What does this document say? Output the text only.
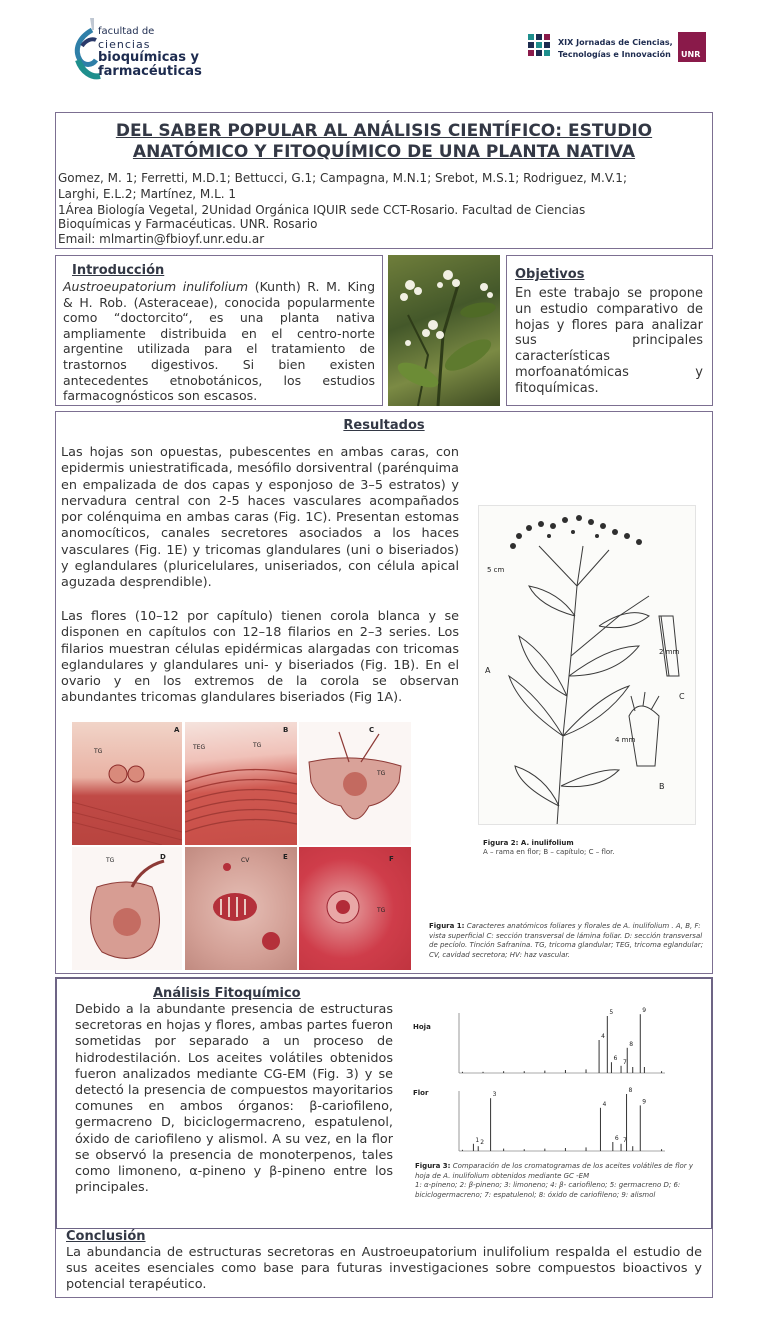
facultad de
ciencias
bioquímicas y
farmacéuticas
XIX Jornadas de Ciencias,
Tecnologías e Innovación UNR
DEL SABER POPULAR AL ANÁLISIS CIENTÍFICO: ESTUDIO
ANATÓMICO Y FITOQUÍMICO DE UNA PLANTA NATIVA
Gomez, M. 1; Ferretti, M.D.1; Bettucci, G.1; Campagna, M.N.1; Srebot, M.S.1; Rodriguez, M.V.1;
Larghi, E.L.2; Martínez, M.L. 1
1Área Biología Vegetal, 2Unidad Orgánica IQUIR sede CCT-Rosario. Facultad de Ciencias
Bioquímicas y Farmacéuticas. UNR. Rosario
Email: mlmartin@fbioyf.unr.edu.ar
Introducción
Austroeupatorium inulifolium (Kunth) R. M. King & H. Rob. (Asteraceae), conocida popularmente como “doctorcito“, es una planta nativa ampliamente distribuida en el centro-norte argentine utilizada para el tratamiento de trastornos digestivos. Si bien existen antecedentes etnobotánicos, los estudios farmacognósticos son escasos.
Objetivos
En este trabajo se propone un estudio comparativo de hojas y flores para analizar sus principales características morfoanatómicas y fitoquímicas.
Resultados
Las hojas son opuestas, pubescentes en ambas caras, con epidermis uniestratificada, mesófilo dorsiventral (parénquima en empalizada de dos capas y esponjoso de 3–5 estratos) y nervadura central con 2-5 haces vasculares acompañados por colénquima en ambas caras (Fig. 1C). Presentan estomas anomocíticos, canales secretores asociados a los haces vasculares (Fig. 1E) y tricomas glandulares (uni o biseriados) y eglandulares (pluricelulares, uniseriados, con célula apical aguzada desprendible).
Las flores (10–12 por capítulo) tienen corola blanca y se disponen en capítulos con 12–18 filarios en 2–3 series. Los filarios muestran células epidérmicas alargadas con tricomas eglandulares y glandulares uni- y biseriados (Fig. 1B). En el ovario y en los extremos de la corola se observan abundantes tricomas glandulares biseriados (Fig 1A).
A
TG
B
TEG	TG
C
TG
D
TG	E
CV	F
TG
5 cm
2 mm
4 mm
A
B
C
Figura 2: A. inulifolium
A – rama en flor; B – capítulo; C – flor.
Figura 1: Caracteres anatómicos foliares y florales de A. inulifolium . A, B, F: vista superficial C: sección transversal de lámina foliar. D: sección transversal de pecíolo. Tinción Safranina. TG, tricoma glandular; TEG, tricoma eglandular; CV, cavidad secretora; HV: haz vascular.
Análisis Fitoquímico
Debido a la abundante presencia de estructuras secretoras en hojas y flores, ambas partes fueron sometidas por separado a un proceso de hidrodestilación. Los aceites volátiles obtenidos fueron analizados mediante CG-EM (Fig. 3) y se detectó la presencia de compuestos mayoritarios comunes en ambos órganos: β-cariofileno, germacreno D, biciclogermacreno, espatulenol, óxido de cariofileno y alismol. A su vez, en la flor se observó la presencia de monoterpenos, tales como limoneno, α-pineno y β-pineno entre los principales.
Hoja
4
5
6
7
8
9
Flor
1 2
3
4
6 7
8
9
Figura 3: Comparación de los cromatogramas de los aceites volátiles de flor y hoja de A. inulifolium obtenidos mediante GC -EM
1: α-pineno; 2: β-pineno; 3: limoneno; 4: β- cariofileno; 5: germacreno D; 6: biciclogermacreno; 7: espatulenol; 8: óxido de cariofileno; 9: alismol
Conclusión
La abundancia de estructuras secretoras en Austroeupatorium inulifolium respalda el estudio de sus aceites esenciales como base para futuras investigaciones sobre compuestos bioactivos y potencial terapéutico.
